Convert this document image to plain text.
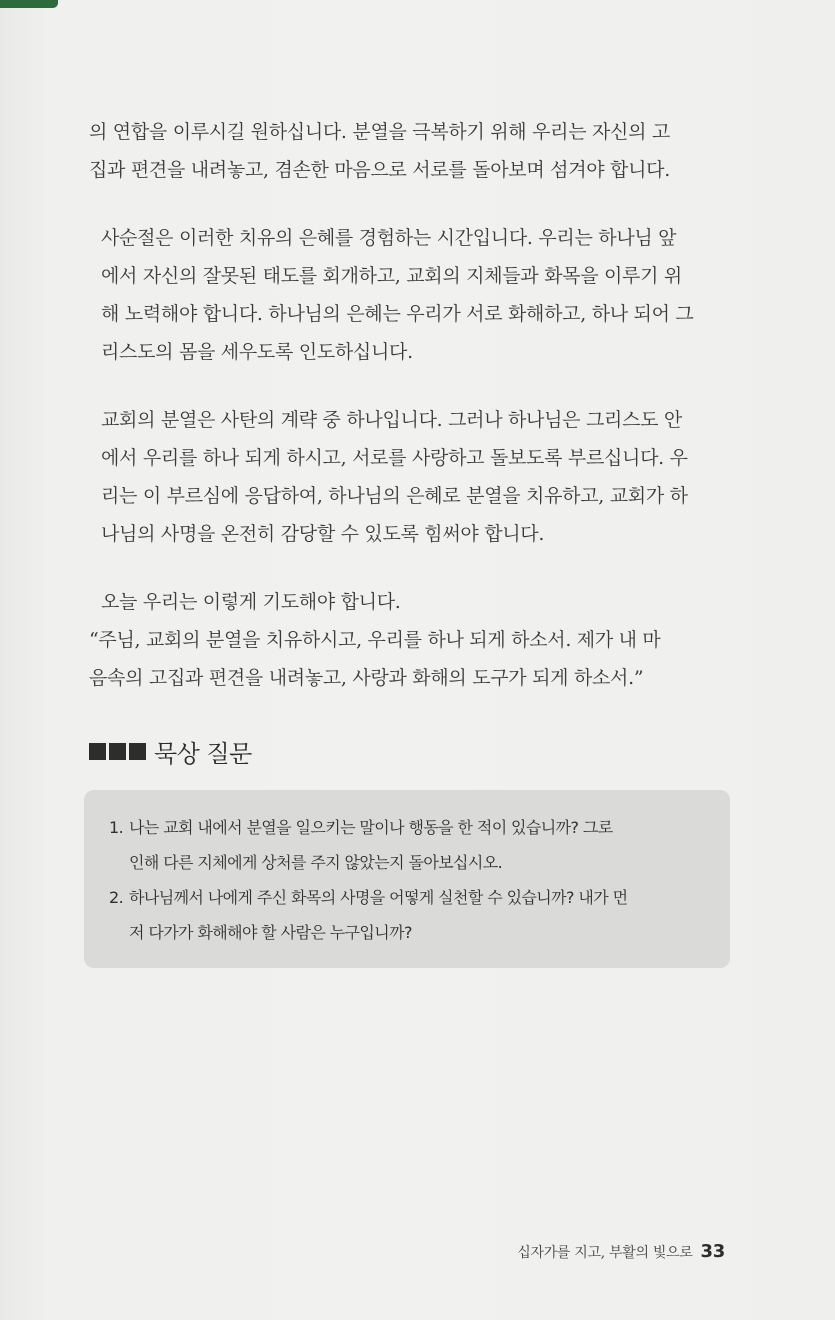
의 연합을 이루시길 원하십니다. 분열을 극복하기 위해 우리는 자신의 고
집과 편견을 내려놓고, 겸손한 마음으로 서로를 돌아보며 섬겨야 합니다.

사순절은 이러한 치유의 은혜를 경험하는 시간입니다. 우리는 하나님 앞
에서 자신의 잘못된 태도를 회개하고, 교회의 지체들과 화목을 이루기 위
해 노력해야 합니다. 하나님의 은혜는 우리가 서로 화해하고, 하나 되어 그
리스도의 몸을 세우도록 인도하십니다.

교회의 분열은 사탄의 계략 중 하나입니다. 그러나 하나님은 그리스도 안
에서 우리를 하나 되게 하시고, 서로를 사랑하고 돌보도록 부르십니다. 우
리는 이 부르심에 응답하여, 하나님의 은혜로 분열을 치유하고, 교회가 하
나님의 사명을 온전히 감당할 수 있도록 힘써야 합니다.

오늘 우리는 이렇게 기도해야 합니다.
“주님, 교회의 분열을 치유하시고, 우리를 하나 되게 하소서. 제가 내 마
음속의 고집과 편견을 내려놓고, 사랑과 화해의 도구가 되게 하소서.”

묵상 질문
1. 나는 교회 내에서 분열을 일으키는 말이나 행동을 한 적이 있습니까? 그로
인해 다른 지체에게 상처를 주지 않았는지 돌아보십시오.
2. 하나님께서 나에게 주신 화목의 사명을 어떻게 실천할 수 있습니까? 내가 먼
저 다가가 화해해야 할 사람은 누구입니까?
십자가를 지고, 부활의 빛으로 33
